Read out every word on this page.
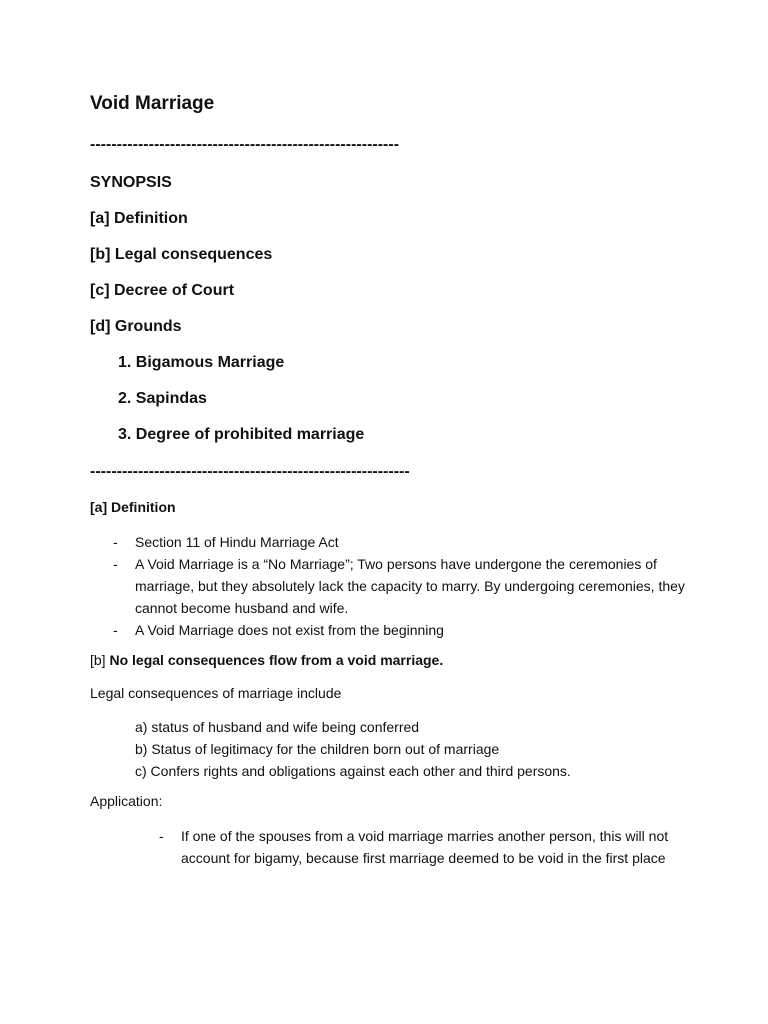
Void Marriage
----------------------------------------------------------
SYNOPSIS
[a] Definition
[b] Legal consequences
[c] Decree of Court
[d] Grounds
1. Bigamous Marriage
2. Sapindas
3. Degree of prohibited marriage
------------------------------------------------------------
[a] Definition
- Section 11 of Hindu Marriage Act
- A Void Marriage is a “No Marriage”; Two persons have undergone the ceremonies of marriage, but they absolutely lack the capacity to marry. By undergoing ceremonies, they cannot become husband and wife.
- A Void Marriage does not exist from the beginning
[b] No legal consequences flow from a void marriage.
Legal consequences of marriage include
a) status of husband and wife being conferred
b) Status of legitimacy for the children born out of marriage
c) Confers rights and obligations against each other and third persons.
Application:
- If one of the spouses from a void marriage marries another person, this will not account for bigamy, because first marriage deemed to be void in the first place
